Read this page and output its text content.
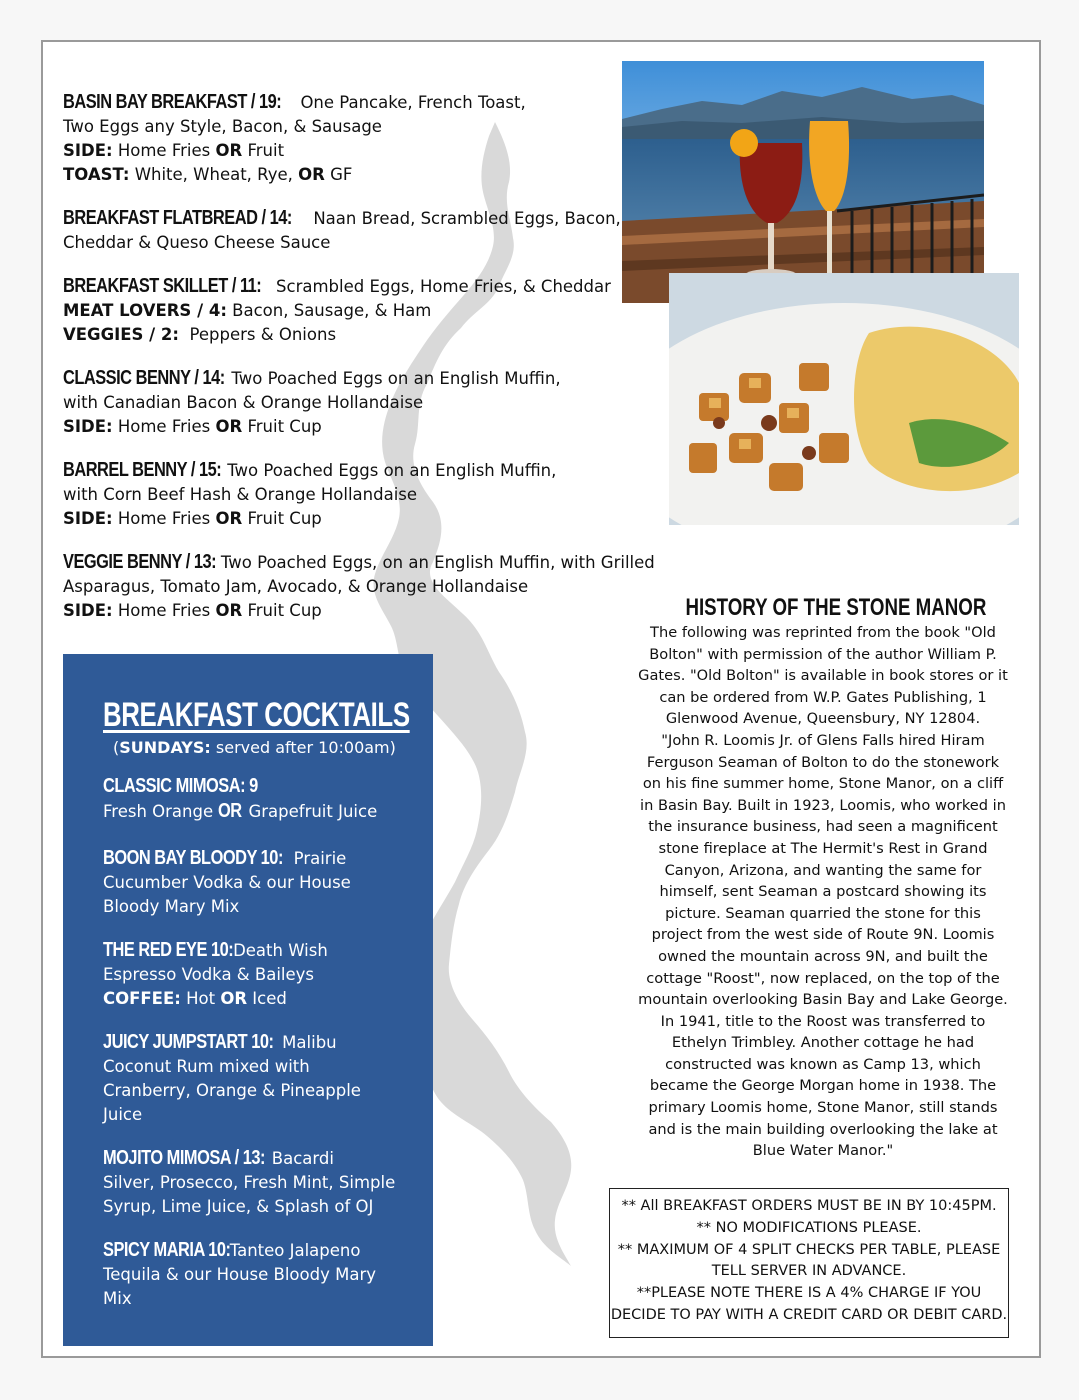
BASIN BAY BREAKFAST / 19: One Pancake, French Toast,
Two Eggs any Style, Bacon, & Sausage
SIDE: Home Fries OR Fruit
TOAST: White, Wheat, Rye, OR GF
BREAKFAST FLATBREAD / 14: Naan Bread, Scrambled Eggs, Bacon,
Cheddar & Queso Cheese Sauce
BREAKFAST SKILLET / 11: Scrambled Eggs, Home Fries, & Cheddar
MEAT LOVERS / 4: Bacon, Sausage, & Ham
VEGGIES / 2: Peppers & Onions
CLASSIC BENNY / 14: Two Poached Eggs on an English Muffin,
with Canadian Bacon & Orange Hollandaise
SIDE: Home Fries OR Fruit Cup
BARREL BENNY / 15: Two Poached Eggs on an English Muffin,
with Corn Beef Hash & Orange Hollandaise
SIDE: Home Fries OR Fruit Cup
VEGGIE BENNY / 13: Two Poached Eggs, on an English Muffin, with Grilled
Asparagus, Tomato Jam, Avocado, & Orange Hollandaise
SIDE: Home Fries OR Fruit Cup
BREAKFAST COCKTAILS
(SUNDAYS: served after 10:00am)
CLASSIC MIMOSA: 9
Fresh Orange OR Grapefruit Juice
BOON BAY BLOODY 10: Prairie
Cucumber Vodka & our House
Bloody Mary Mix
THE RED EYE 10: Death Wish
Espresso Vodka & Baileys
COFFEE: Hot OR Iced
JUICY JUMPSTART 10: Malibu
Coconut Rum mixed with
Cranberry, Orange & Pineapple
Juice
MOJITO MIMOSA / 13: Bacardi
Silver, Prosecco, Fresh Mint, Simple
Syrup, Lime Juice, & Splash of OJ
SPICY MARIA 10: Tanteo Jalapeno
Tequila & our House Bloody Mary
Mix
HISTORY OF THE STONE MANOR
The following was reprinted from the book "Old
Bolton" with permission of the author William P.
Gates. "Old Bolton" is available in book stores or it
can be ordered from W.P. Gates Publishing, 1
Glenwood Avenue, Queensbury, NY 12804.
"John R. Loomis Jr. of Glens Falls hired Hiram
Ferguson Seaman of Bolton to do the stonework
on his fine summer home, Stone Manor, on a cliff
in Basin Bay. Built in 1923, Loomis, who worked in
the insurance business, had seen a magnificent
stone fireplace at The Hermit's Rest in Grand
Canyon, Arizona, and wanting the same for
himself, sent Seaman a postcard showing its
picture. Seaman quarried the stone for this
project from the west side of Route 9N. Loomis
owned the mountain across 9N, and built the
cottage "Roost", now replaced, on the top of the
mountain overlooking Basin Bay and Lake George.
In 1941, title to the Roost was transferred to
Ethelyn Trimbley. Another cottage he had
constructed was known as Camp 13, which
became the George Morgan home in 1938. The
primary Loomis home, Stone Manor, still stands
and is the main building overlooking the lake at
Blue Water Manor."
** All BREAKFAST ORDERS MUST BE IN BY 10:45PM.
** NO MODIFICATIONS PLEASE.
** MAXIMUM OF 4 SPLIT CHECKS PER TABLE, PLEASE
TELL SERVER IN ADVANCE.
**PLEASE NOTE THERE IS A 4% CHARGE IF YOU
DECIDE TO PAY WITH A CREDIT CARD OR DEBIT CARD.
